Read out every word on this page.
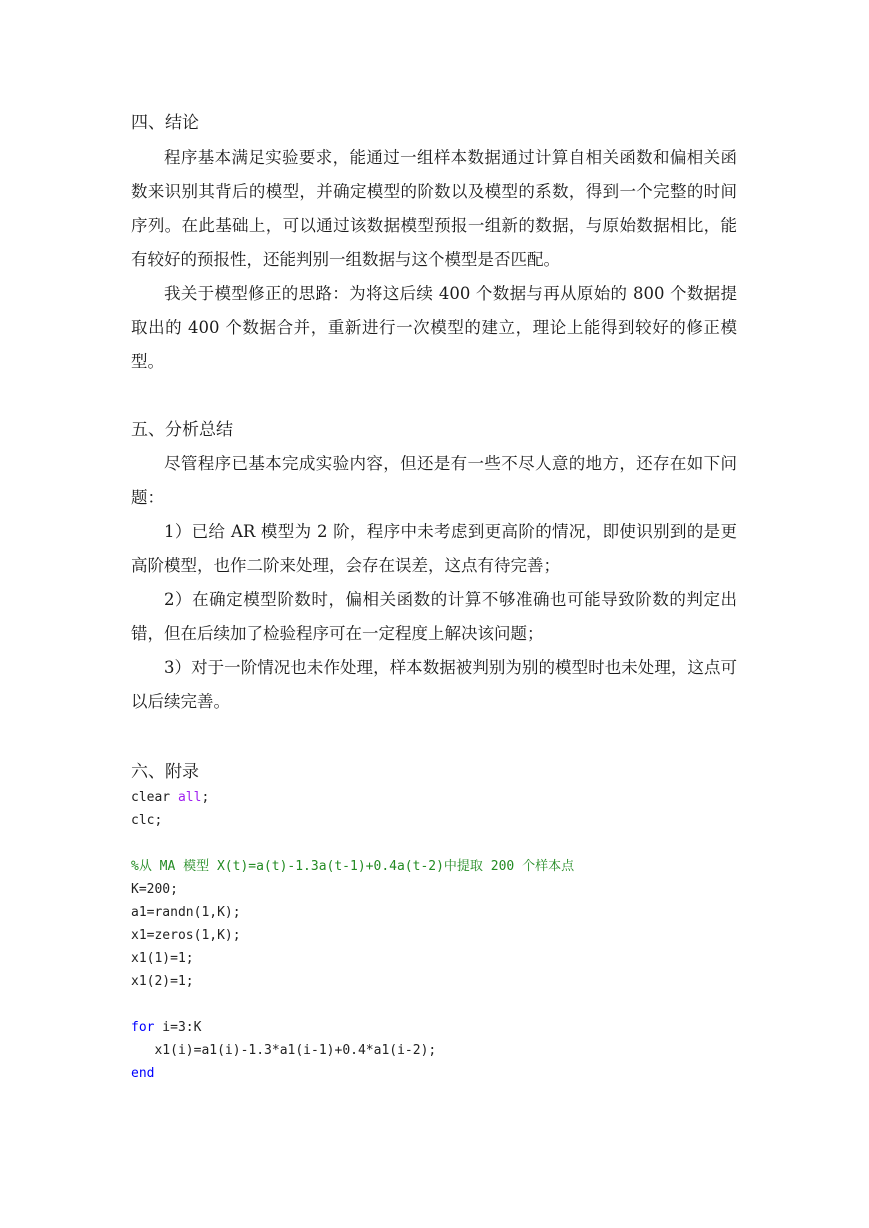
四、结论

程序基本满足实验要求，能通过一组样本数据通过计算自相关函数和偏相关函数来识别其背后的模型，并确定模型的阶数以及模型的系数，得到一个完整的时间序列。在此基础上，可以通过该数据模型预报一组新的数据，与原始数据相比，能有较好的预报性，还能判别一组数据与这个模型是否匹配。

我关于模型修正的思路：为将这后续 400 个数据与再从原始的 800 个数据提取出的 400 个数据合并，重新进行一次模型的建立，理论上能得到较好的修正模型。

五、分析总结

尽管程序已基本完成实验内容，但还是有一些不尽人意的地方，还存在如下问题：

1）已给 AR 模型为 2 阶，程序中未考虑到更高阶的情况，即使识别到的是更高阶模型，也作二阶来处理，会存在误差，这点有待完善；

2）在确定模型阶数时，偏相关函数的计算不够准确也可能导致阶数的判定出错，但在后续加了检验程序可在一定程度上解决该问题；

3）对于一阶情况也未作处理，样本数据被判别为别的模型时也未处理，这点可以后续完善。

六、附录
clear all;
clc;

%从 MA 模型 X(t)=a(t)-1.3a(t-1)+0.4a(t-2)中提取 200 个样本点
K=200;
a1=randn(1,K);
x1=zeros(1,K);
x1(1)=1;
x1(2)=1;

for i=3:K
x1(i)=a1(i)-1.3*a1(i-1)+0.4*a1(i-2);
end
